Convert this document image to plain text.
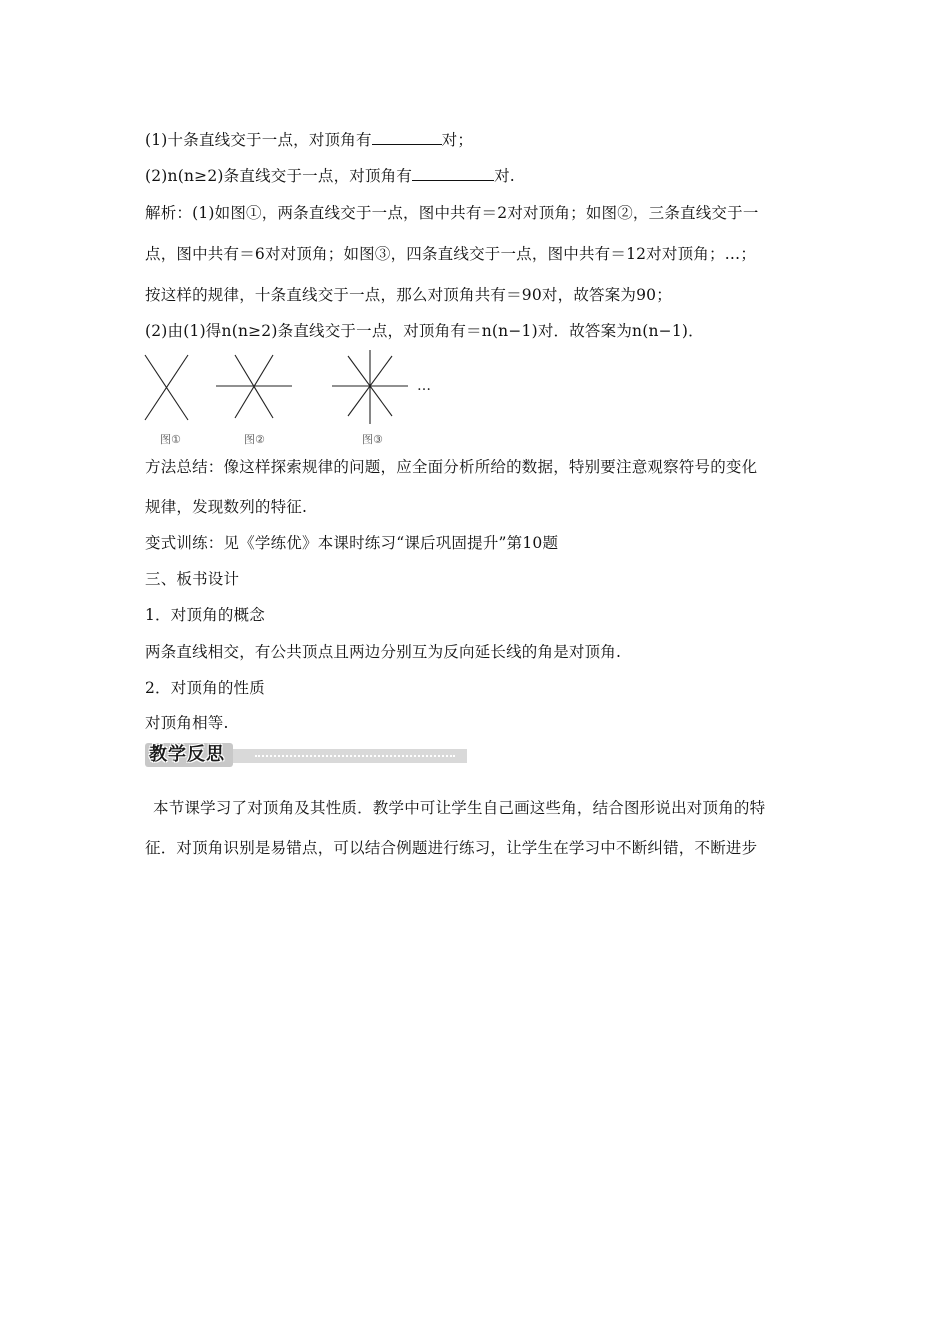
(1)十条直线交于一点，对顶角有	对；
(2)n(n≥2)条直线交于一点，对顶角有	对.
解析：(1)如图①，两条直线交于一点，图中共有＝2对对顶角；如图②，三条直线交于一
点，图中共有＝6对对顶角；如图③，四条直线交于一点，图中共有＝12对对顶角；…；
按这样的规律，十条直线交于一点，那么对顶角共有＝90对，故答案为90；
(2)由(1)得n(n≥2)条直线交于一点，对顶角有＝n(n−1)对．故答案为n(n−1)．
图①	图②	图③
…
方法总结：像这样探索规律的问题，应全面分析所给的数据，特别要注意观察符号的变化
规律，发现数列的特征.
变式训练：见《学练优》本课时练习“课后巩固提升”第10题
三、板书设计
1．对顶角的概念
两条直线相交，有公共顶点且两边分别互为反向延长线的角是对顶角.
2．对顶角的性质
对顶角相等.
教学反思
本节课学习了对顶角及其性质．教学中可让学生自己画这些角，结合图形说出对顶角的特
征．对顶角识别是易错点，可以结合例题进行练习，让学生在学习中不断纠错，不断进步
